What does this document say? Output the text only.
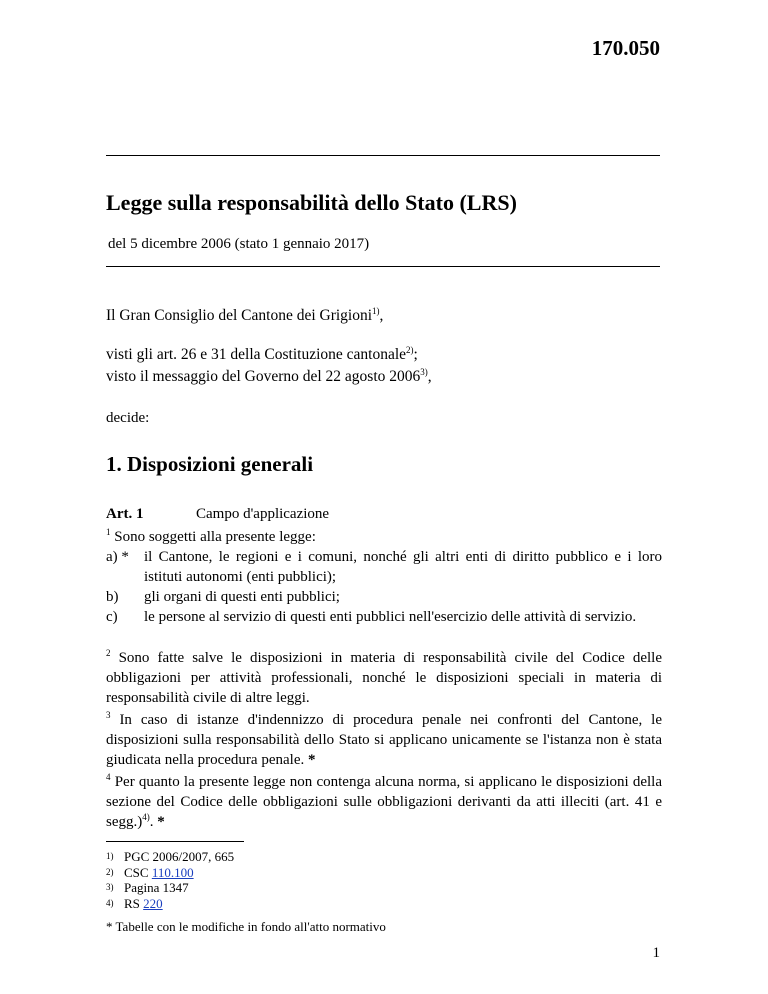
170.050
Legge sulla responsabilità dello Stato (LRS)
del 5 dicembre 2006 (stato 1 gennaio 2017)
Il Gran Consiglio del Cantone dei Grigioni$^{1)}$,
visti gli art. 26 e 31 della Costituzione cantonale$^{2)}$;
visto il messaggio del Governo del 22 agosto 2006$^{3)}$,
decide:
1. Disposizioni generali
Art. 1	Campo d'applicazione
$^1$ Sono soggetti alla presente legge:
a) * il Cantone, le regioni e i comuni, nonché gli altri enti di diritto pubblico e i loro istituti autonomi (enti pubblici);
b) gli organi di questi enti pubblici;
c) le persone al servizio di questi enti pubblici nell'esercizio delle attività di servizio.
$^2$ Sono fatte salve le disposizioni in materia di responsabilità civile del Codice delle obbligazioni per attività professionali, nonché le disposizioni speciali in materia di responsabilità civile di altre leggi.
$^3$ In caso di istanze d'indennizzo di procedura penale nei confronti del Cantone, le disposizioni sulla responsabilità dello Stato si applicano unicamente se l'istanza non è stata giudicata nella procedura penale. *
$^4$ Per quanto la presente legge non contenga alcuna norma, si applicano le disposizioni della sezione del Codice delle obbligazioni sulle obbligazioni derivanti da atti illeciti (art. 41 e segg.)$^{4)}$. *
1) PGC 2006/2007, 665
2) CSC 110.100
3) Pagina 1347
4) RS 220
* Tabelle con le modifiche in fondo all'atto normativo
1
